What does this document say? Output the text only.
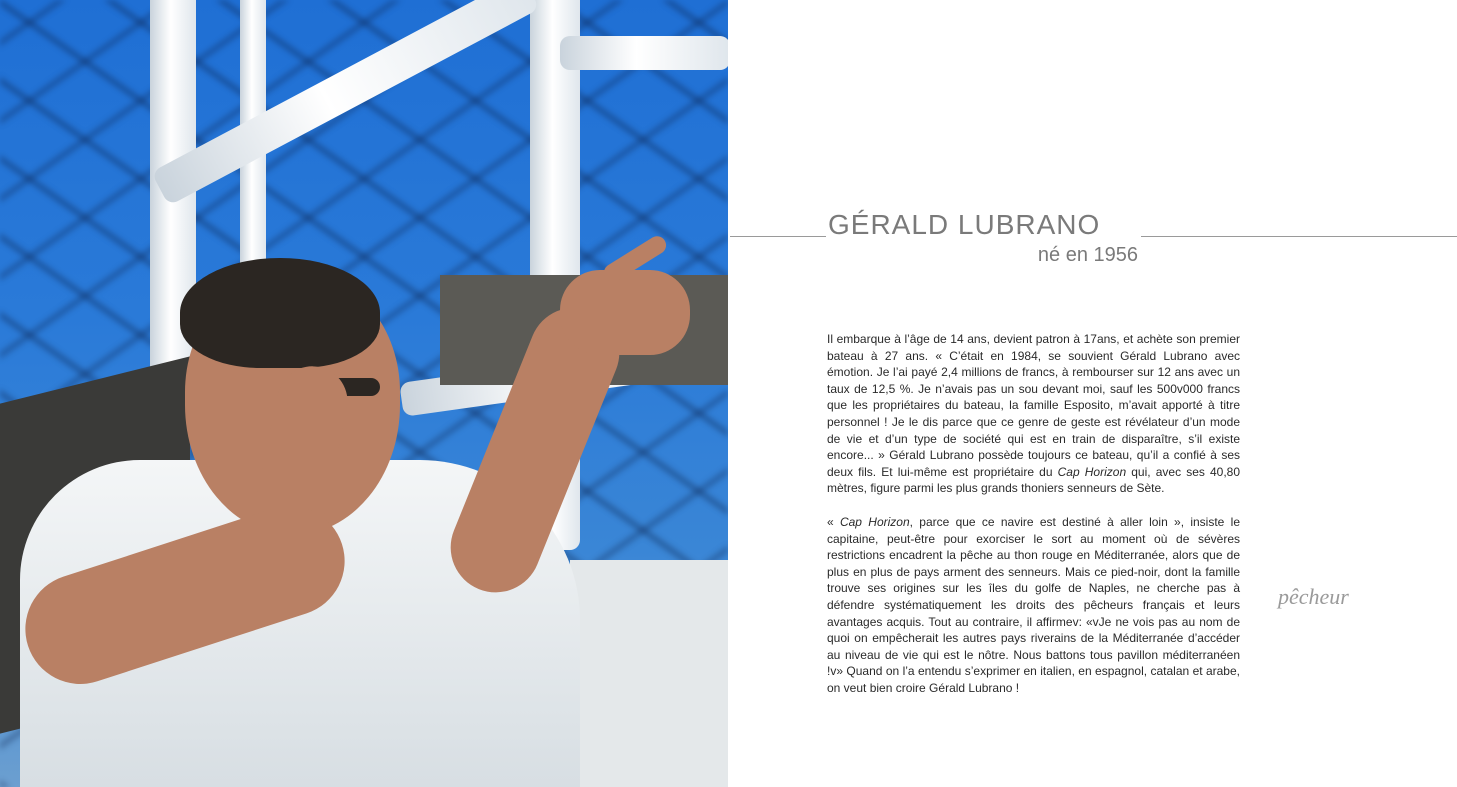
GÉRALD LUBRANO

né en 1956

Il embarque à l’âge de 14 ans, devient patron à 17ans, et achète son premier bateau à 27 ans. « C’était en 1984, se souvient Gérald Lubrano avec émotion. Je l’ai payé 2,4 millions de francs, à rembourser sur 12 ans avec un taux de 12,5 %. Je n’avais pas un sou devant moi, sauf les 500v000 francs que les propriétaires du bateau, la famille Esposito, m’avait apporté à titre personnel ! Je le dis parce que ce genre de geste est révélateur d’un mode de vie et d’un type de société qui est en train de disparaître, s’il existe encore... » Gérald Lubrano possède toujours ce bateau, qu’il a confié à ses deux fils. Et lui-même est propriétaire du Cap Horizon qui, avec ses 40,80 mètres, figure parmi les plus grands thoniers senneurs de Sète.

« Cap Horizon, parce que ce navire est destiné à aller loin », insiste le capitaine, peut-être pour exorciser le sort au moment où de sévères restrictions encadrent la pêche au thon rouge en Méditerranée, alors que de plus en plus de pays arment des senneurs. Mais ce pied-noir, dont la famille trouve ses origines sur les îles du golfe de Naples, ne cherche pas à défendre systématiquement les droits des pêcheurs français et leurs avantages acquis. Tout au contraire, il affirmev: «vJe ne vois pas au nom de quoi on empêcherait les autres pays riverains de la Méditerranée d’accéder au niveau de vie qui est le nôtre. Nous battons tous pavillon méditerranéen !v» Quand on l’a entendu s’exprimer en italien, en espagnol, catalan et arabe, on veut bien croire Gérald Lubrano !

pêcheur
